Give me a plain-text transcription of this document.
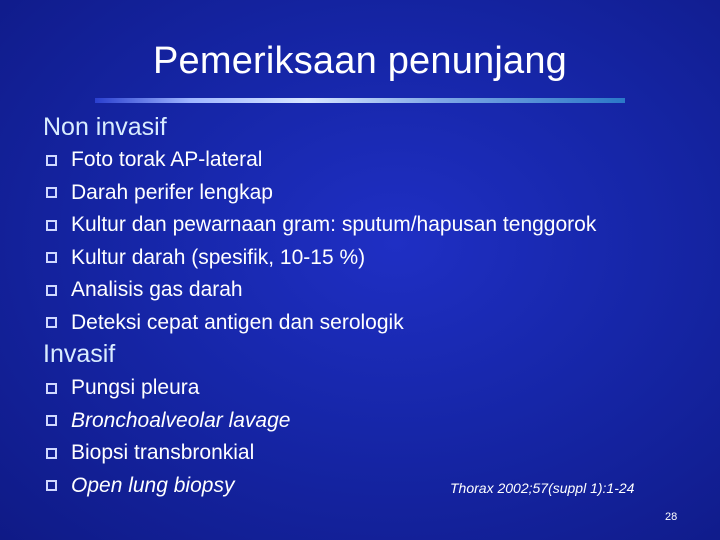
Pemeriksaan penunjang
Non invasif
Foto torak AP-lateral
Darah perifer lengkap
Kultur dan pewarnaan gram: sputum/hapusan tenggorok
Kultur darah (spesifik, 10-15 %)
Analisis gas darah
Deteksi cepat antigen dan serologik
Invasif
Pungsi pleura
Bronchoalveolar lavage
Biopsi transbronkial
Open lung biopsy	Thorax 2002;57(suppl 1):1-24
28
